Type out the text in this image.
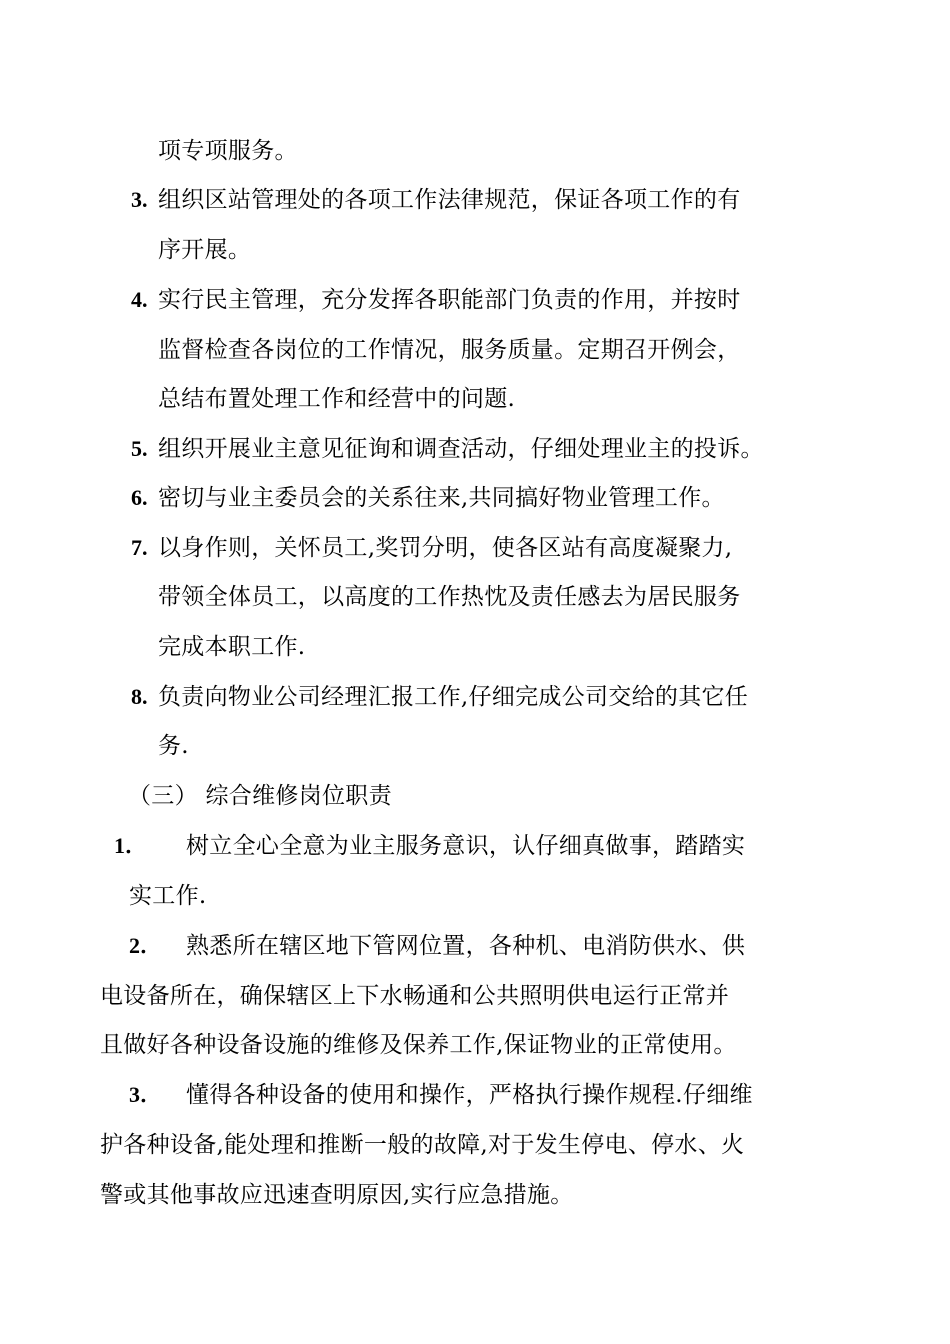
项专项服务。
3. 组织区站管理处的各项工作法律规范，保证各项工作的有
序开展。
4. 实行民主管理，充分发挥各职能部门负责的作用，并按时
监督检查各岗位的工作情况，服务质量。定期召开例会，
总结布置处理工作和经营中的问题.
5. 组织开展业主意见征询和调查活动，仔细处理业主的投诉。
6. 密切与业主委员会的关系往来,共同搞好物业管理工作。
7. 以身作则，关怀员工,奖罚分明，使各区站有高度凝聚力,
带领全体员工，以高度的工作热忱及责任感去为居民服务
完成本职工作.
8. 负责向物业公司经理汇报工作,仔细完成公司交给的其它任
务.
（三） 综合维修岗位职责
1． 树立全心全意为业主服务意识，认仔细真做事，踏踏实
实工作.
2． 熟悉所在辖区地下管网位置，各种机、电消防供水、供
电设备所在，确保辖区上下水畅通和公共照明供电运行正常并
且做好各种设备设施的维修及保养工作,保证物业的正常使用。
3． 懂得各种设备的使用和操作，严格执行操作规程.仔细维
护各种设备,能处理和推断一般的故障,对于发生停电、停水、火
警或其他事故应迅速查明原因,实行应急措施。
